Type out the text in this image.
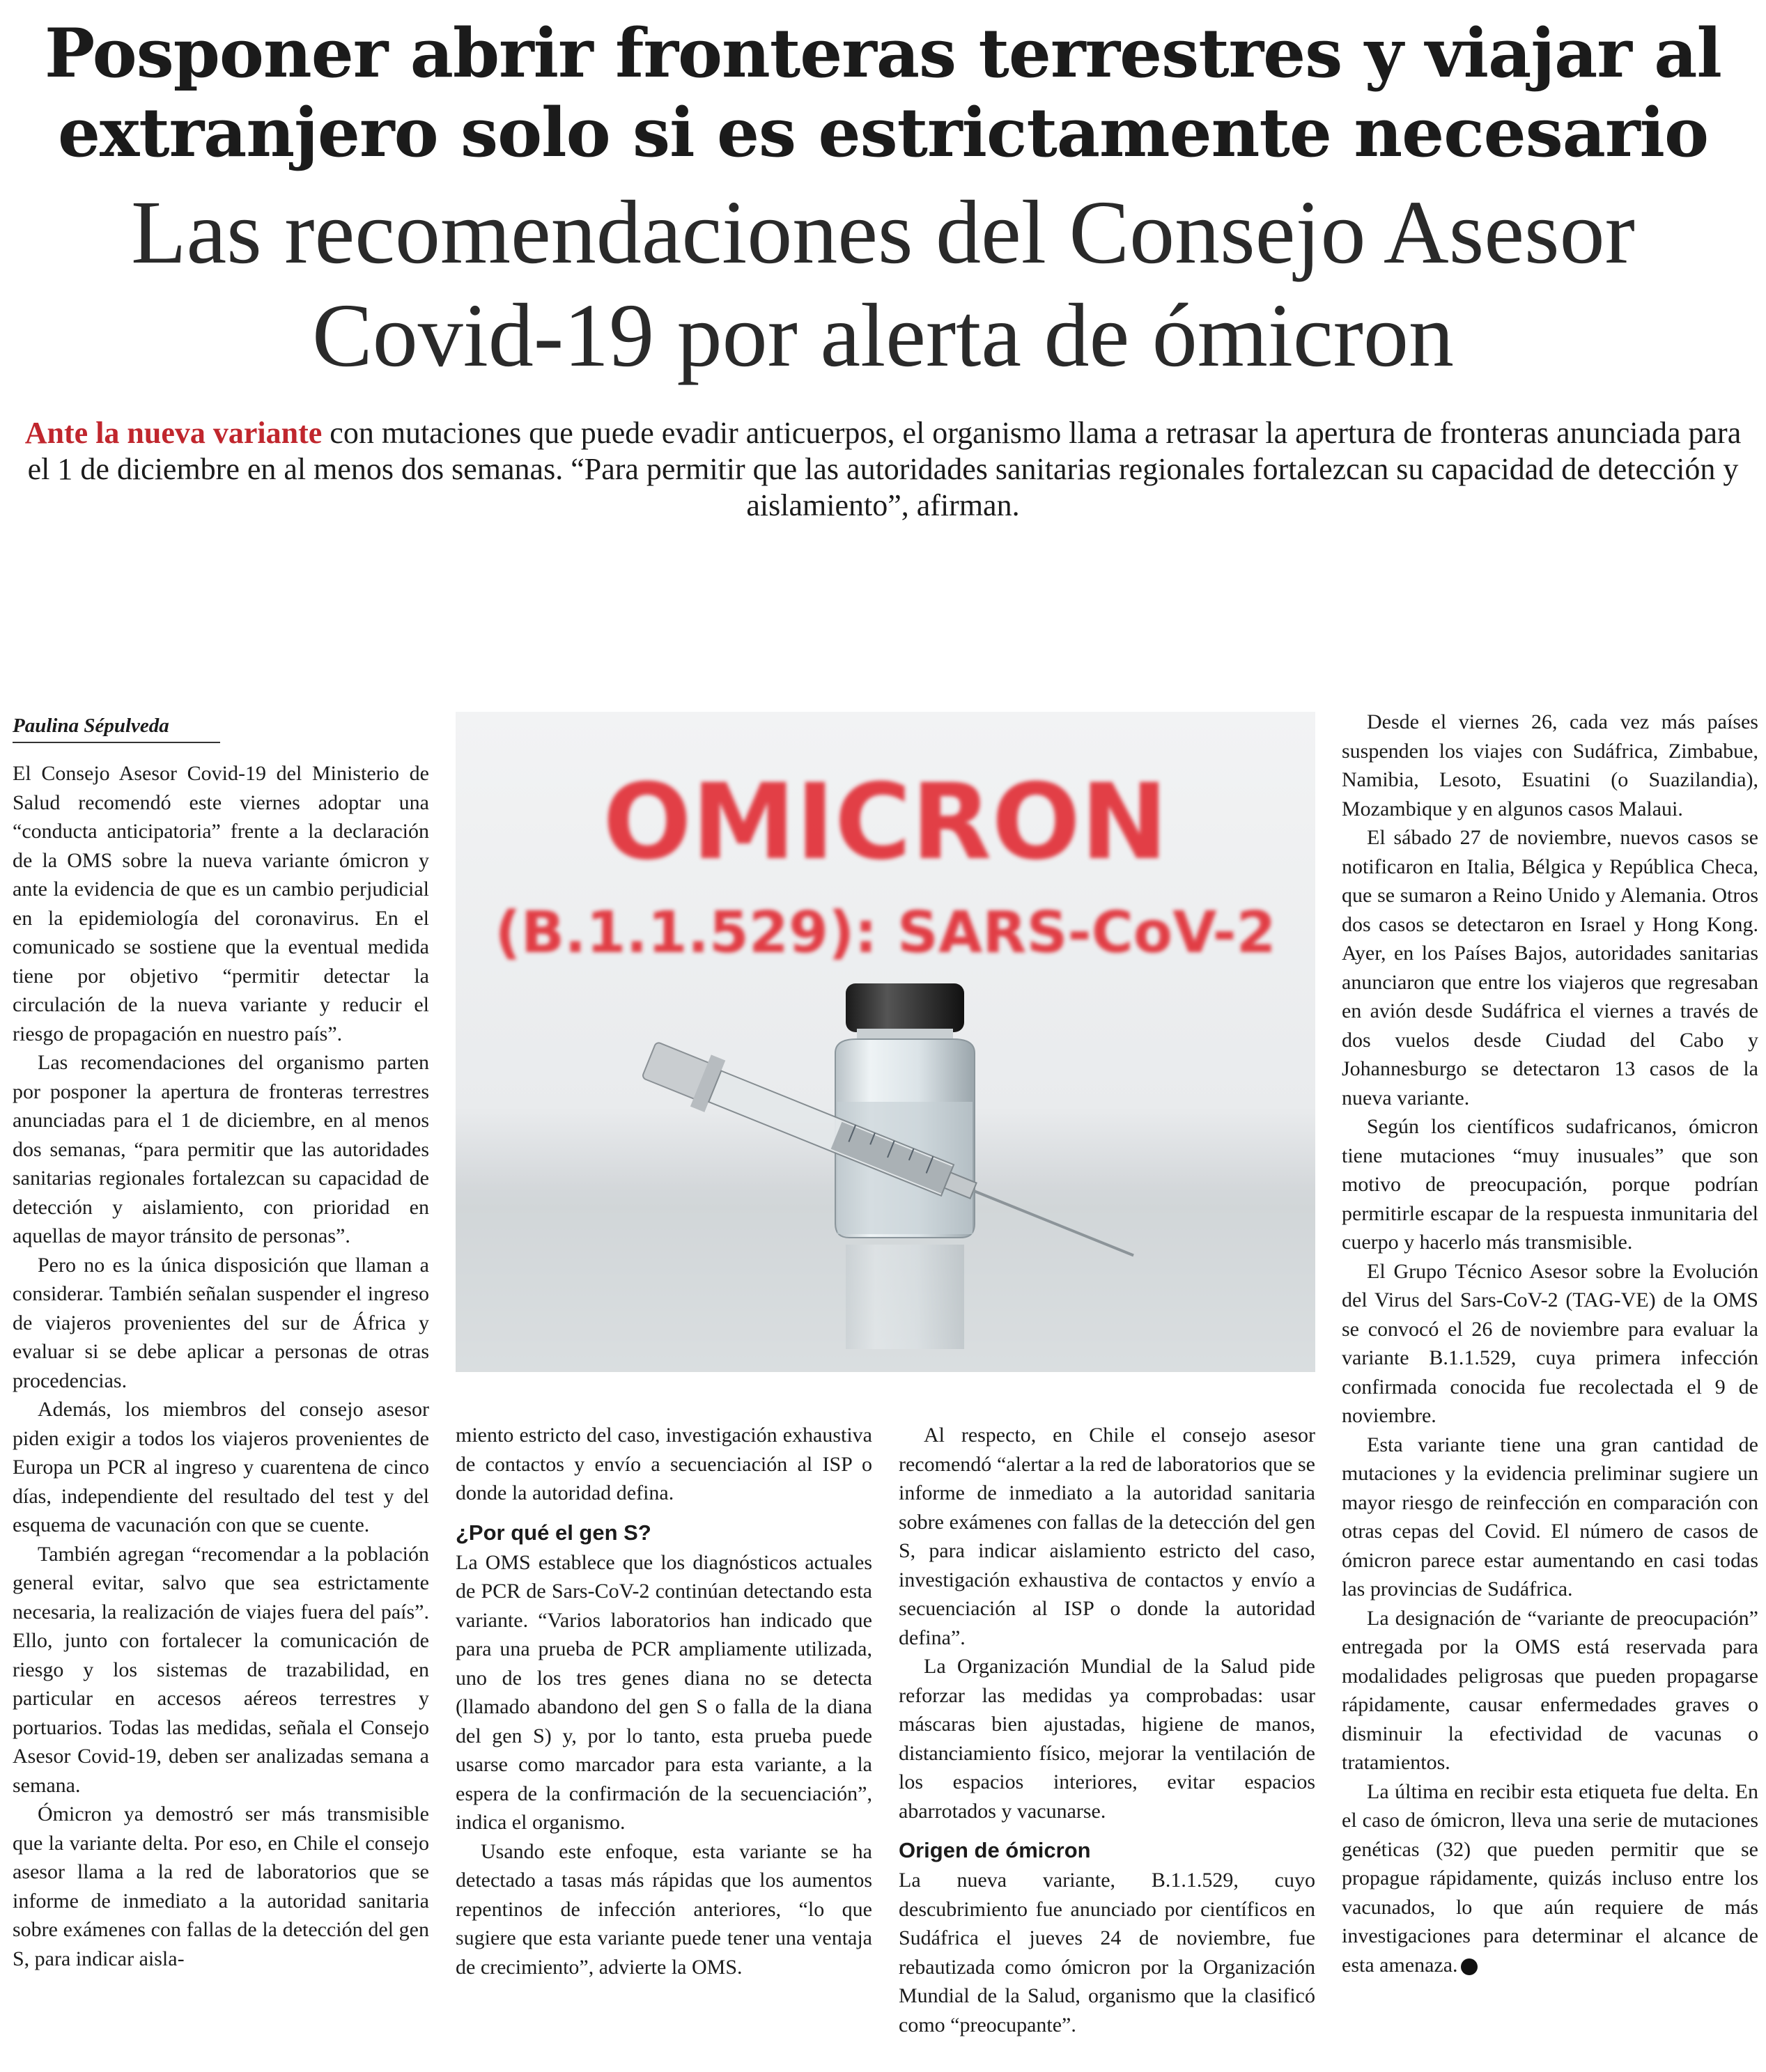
Posponer abrir fronteras terrestres y viajar al extranjero solo si es estrictamente necesario
Las recomendaciones del Consejo Asesor Covid-19 por alerta de ómicron

Ante la nueva variante con mutaciones que puede evadir anticuerpos, el organismo llama a retrasar la apertura de fronteras anunciada para el 1 de diciembre en al menos dos semanas. “Para permitir que las autoridades sanitarias regionales fortalezcan su capacidad de detección y aislamiento”, afirman.

Paulina Sépulveda

El Consejo Asesor Covid-19 del Ministerio de Salud recomendó este viernes adoptar una “conducta anticipatoria” frente a la declaración de la OMS sobre la nueva variante ómicron y ante la evidencia de que es un cambio perjudicial en la epidemiología del coronavirus. En el comunicado se sostiene que la eventual medida tiene por objetivo “permitir detectar la circulación de la nueva variante y reducir el riesgo de propagación en nuestro país”.

Las recomendaciones del organismo parten por posponer la apertura de fronteras terrestres anunciadas para el 1 de diciembre, en al menos dos semanas, “para permitir que las autoridades sanitarias regionales fortalezcan su capacidad de detección y aislamiento, con prioridad en aquellas de mayor tránsito de personas”.

Pero no es la única disposición que llaman a considerar. También señalan suspender el ingreso de viajeros provenientes del sur de África y evaluar si se debe aplicar a personas de otras procedencias.

Además, los miembros del consejo asesor piden exigir a todos los viajeros provenientes de Europa un PCR al ingreso y cuarentena de cinco días, independiente del resultado del test y del esquema de vacunación con que se cuente.

También agregan “recomendar a la población general evitar, salvo que sea estrictamente necesaria, la realización de viajes fuera del país”. Ello, junto con fortalecer la comunicación de riesgo y los sistemas de trazabilidad, en particular en accesos aéreos terrestres y portuarios. Todas las medidas, señala el Consejo Asesor Covid-19, deben ser analizadas semana a semana.

Ómicron ya demostró ser más transmisible que la variante delta. Por eso, en Chile el consejo asesor llama a la red de laboratorios que se informe de inmediato a la autoridad sanitaria sobre exámenes con fallas de la detección del gen S, para indicar aisla-

OMICRON
(B.1.1.529): SARS-CoV-2

miento estricto del caso, investigación exhaustiva de contactos y envío a secuenciación al ISP o donde la autoridad defina.

¿Por qué el gen S?

La OMS establece que los diagnósticos actuales de PCR de Sars-CoV-2 continúan detectando esta variante. “Varios laboratorios han indicado que para una prueba de PCR ampliamente utilizada, uno de los tres genes diana no se detecta (llamado abandono del gen S o falla de la diana del gen S) y, por lo tanto, esta prueba puede usarse como marcador para esta variante, a la espera de la confirmación de la secuenciación”, indica el organismo.

Usando este enfoque, esta variante se ha detectado a tasas más rápidas que los aumentos repentinos de infección anteriores, “lo que sugiere que esta variante puede tener una ventaja de crecimiento”, advierte la OMS.

Al respecto, en Chile el consejo asesor recomendó “alertar a la red de laboratorios que se informe de inmediato a la autoridad sanitaria sobre exámenes con fallas de la detección del gen S, para indicar aislamiento estricto del caso, investigación exhaustiva de contactos y envío a secuenciación al ISP o donde la autoridad defina”.

La Organización Mundial de la Salud pide reforzar las medidas ya comprobadas: usar máscaras bien ajustadas, higiene de manos, distanciamiento físico, mejorar la ventilación de los espacios interiores, evitar espacios abarrotados y vacunarse.

Origen de ómicron

La nueva variante, B.1.1.529, cuyo descubrimiento fue anunciado por científicos en Sudáfrica el jueves 24 de noviembre, fue rebautizada como ómicron por la Organización Mundial de la Salud, organismo que la clasificó como “preocupante”.

Desde el viernes 26, cada vez más países suspenden los viajes con Sudáfrica, Zimbabue, Namibia, Lesoto, Esuatini (o Suazilandia), Mozambique y en algunos casos Malaui.

El sábado 27 de noviembre, nuevos casos se notificaron en Italia, Bélgica y República Checa, que se sumaron a Reino Unido y Alemania. Otros dos casos se detectaron en Israel y Hong Kong. Ayer, en los Países Bajos, autoridades sanitarias anunciaron que entre los viajeros que regresaban en avión desde Sudáfrica el viernes a través de dos vuelos desde Ciudad del Cabo y Johannesburgo se detectaron 13 casos de la nueva variante.

Según los científicos sudafricanos, ómicron tiene mutaciones “muy inusuales” que son motivo de preocupación, porque podrían permitirle escapar de la respuesta inmunitaria del cuerpo y hacerlo más transmisible.

El Grupo Técnico Asesor sobre la Evolución del Virus del Sars-CoV-2 (TAG-VE) de la OMS se convocó el 26 de noviembre para evaluar la variante B.1.1.529, cuya primera infección confirmada conocida fue recolectada el 9 de noviembre.

Esta variante tiene una gran cantidad de mutaciones y la evidencia preliminar sugiere un mayor riesgo de reinfección en comparación con otras cepas del Covid. El número de casos de ómicron parece estar aumentando en casi todas las provincias de Sudáfrica.

La designación de “variante de preocupación” entregada por la OMS está reservada para modalidades peligrosas que pueden propagarse rápidamente, causar enfermedades graves o disminuir la efectividad de vacunas o tratamientos.

La última en recibir esta etiqueta fue delta. En el caso de ómicron, lleva una serie de mutaciones genéticas (32) que pueden permitir que se propague rápidamente, quizás incluso entre los vacunados, lo que aún requiere de más investigaciones para determinar el alcance de esta amenaza.
